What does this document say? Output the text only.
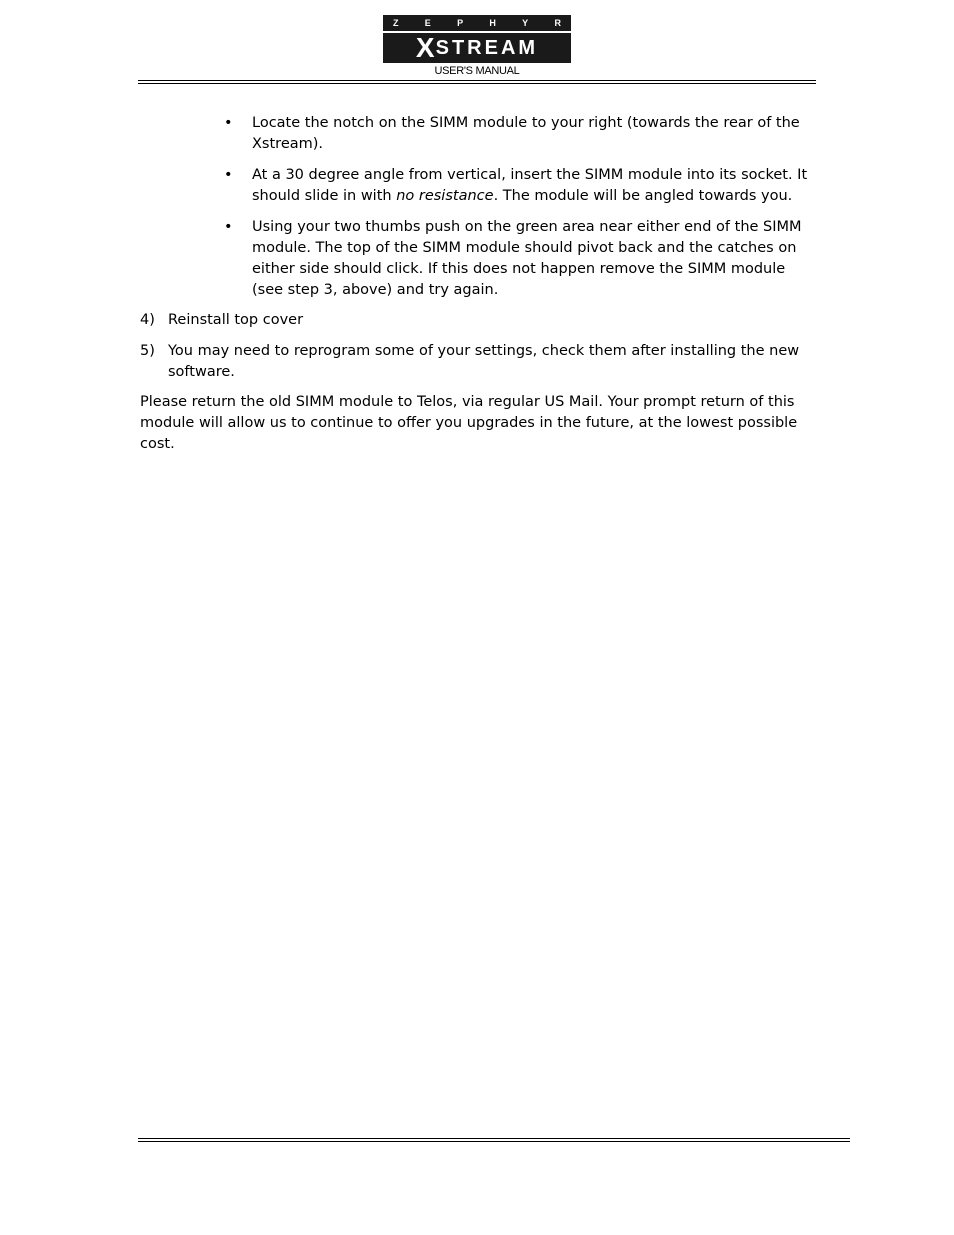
Z	E	P	H	Y	R
X STREAM
USER'S MANUAL
• Locate the notch on the SIMM module to your right (towards the rear of the Xstream).
• At a 30 degree angle from vertical, insert the SIMM module into its socket. It should slide in with no resistance. The module will be angled towards you.
• Using your two thumbs push on the green area near either end of the SIMM module. The top of the SIMM module should pivot back and the catches on either side should click. If this does not happen remove the SIMM module (see step 3, above) and try again.
4) Reinstall top cover
5) You may need to reprogram some of your settings, check them after installing the new software.
Please return the old SIMM module to Telos, via regular US Mail. Your prompt return of this module will allow us to continue to offer you upgrades in the future, at the lowest possible cost.
